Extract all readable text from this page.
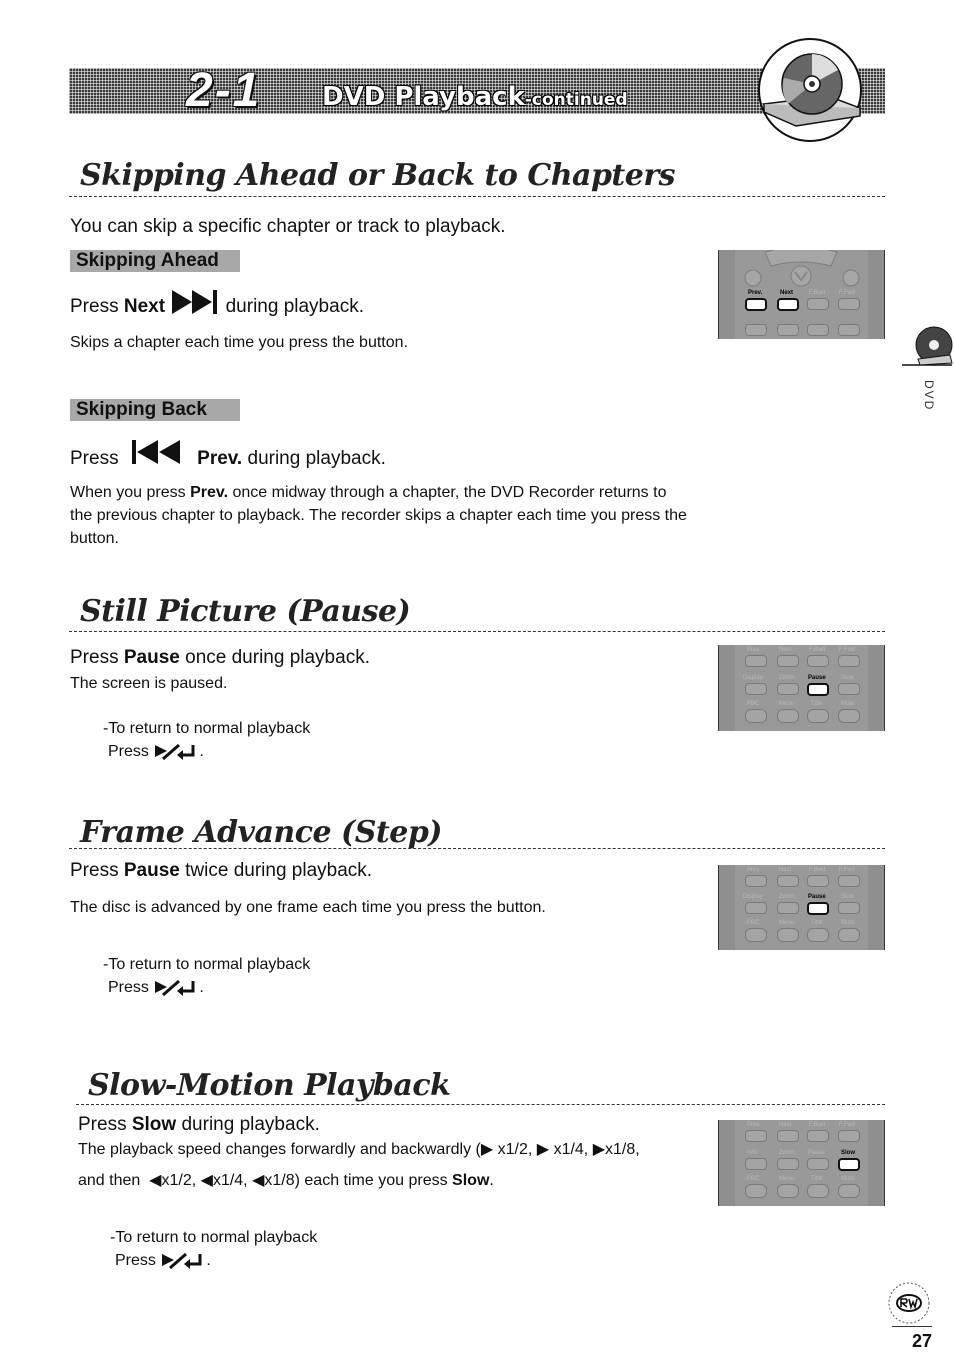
2-1 DVD Playback-continued
DVD
Skipping Ahead or Back to Chapters
You can skip a specific chapter or track to playback.
Skipping Ahead
Press Next	during playback.
Skips a chapter each time you press the button.
Prev.	Next	F.Bwd F.Fwd
Skipping Back
Press	Prev. during playback.
When you press Prev. once midway through a chapter, the DVD Recorder returns to the previous chapter to playback. The recorder skips a chapter each time you press the button.
Still Picture (Pause)
Press Pause once during playback.
The screen is paused.
-To return to normal playback
Press	.
Prev.	Next	F.Bwd F.Fwd
Display	Zoom Pause	Slow
PBC	Menu	Title	Mute
Frame Advance (Step)
Press Pause twice during playback.
The disc is advanced by one frame each time you press the button.
-To return to normal playback
Press	.
Prev.	Next	F.Bwd F.Fwd
Display	Zoom Pause	Slow
PBC	Menu	Title	Mute
Slow-Motion Playback
Press Slow during playback.
The playback speed changes forwardly and backwardly (▶ x1/2, ▶ x1/4, ▶x1/8,
and then ◀x1/2, ◀x1/4, ◀x1/8) each time you press Slow.
-To return to normal playback
Press	.
Prev.	Next	F.Bwd F.Fwd
Info	Zoom Pause	Slow
PBC	Menu	Title	Mute
27
